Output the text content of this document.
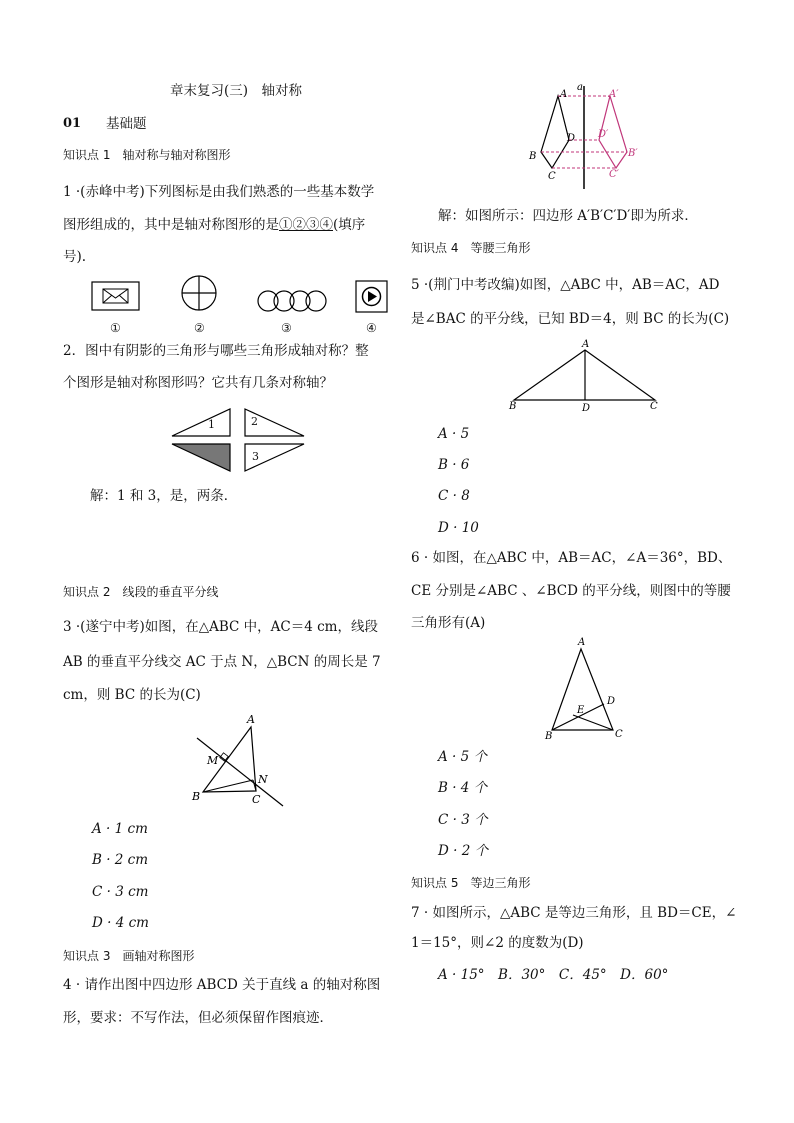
章末复习(三)　轴对称
01 基础题
知识点 1　轴对称与轴对称图形
1 ·(赤峰中考)下列图标是由我们熟悉的一些基本数学
图形组成的，其中是轴对称图形的是①②③④(填序
号).
①	②	③	④
2．图中有阴影的三角形与哪些三角形成轴对称？整
个图形是轴对称图形吗？它共有几条对称轴？
1	2
3
解：1 和 3，是，两条．
知识点 2　线段的垂直平分线
3 ·(遂宁中考)如图，在△ABC 中，AC＝4 cm，线段
AB 的垂直平分线交 AC 于点 N，△BCN 的周长是 7
cm，则 BC 的长为(C)
A
M
N
B	C
A · 1 cm
B · 2 cm
C · 3 cm
D · 4 cm
知识点 3　画轴对称图形
4 · 请作出图中四边形 ABCD 关于直线 a 的轴对称图
形，要求：不写作法，但必须保留作图痕迹．
a
A
B
C
D
A′
B′
C′
D′
解：如图所示：四边形 A′B′C′D′即为所求．
知识点 4　等腰三角形
5 ·(荆门中考改编)如图，△ABC 中，AB＝AC，AD
是∠BAC 的平分线，已知 BD＝4，则 BC 的长为(C)
A
B	D	C
A · 5
B · 6
C · 8
D · 10
6 · 如图，在△ABC 中，AB＝AC，∠A＝36°，BD、
CE 分别是∠ABC 、∠BCD 的平分线，则图中的等腰
三角形有(A)
A
D
E
B	C
A · 5 个
B · 4 个
C · 3 个
D · 2 个
知识点 5　等边三角形
7 · 如图所示，△ABC 是等边三角形，且 BD＝CE，∠
1＝15°，则∠2 的度数为(D)
A · 15°　B．30°　C．45°　D．60°
